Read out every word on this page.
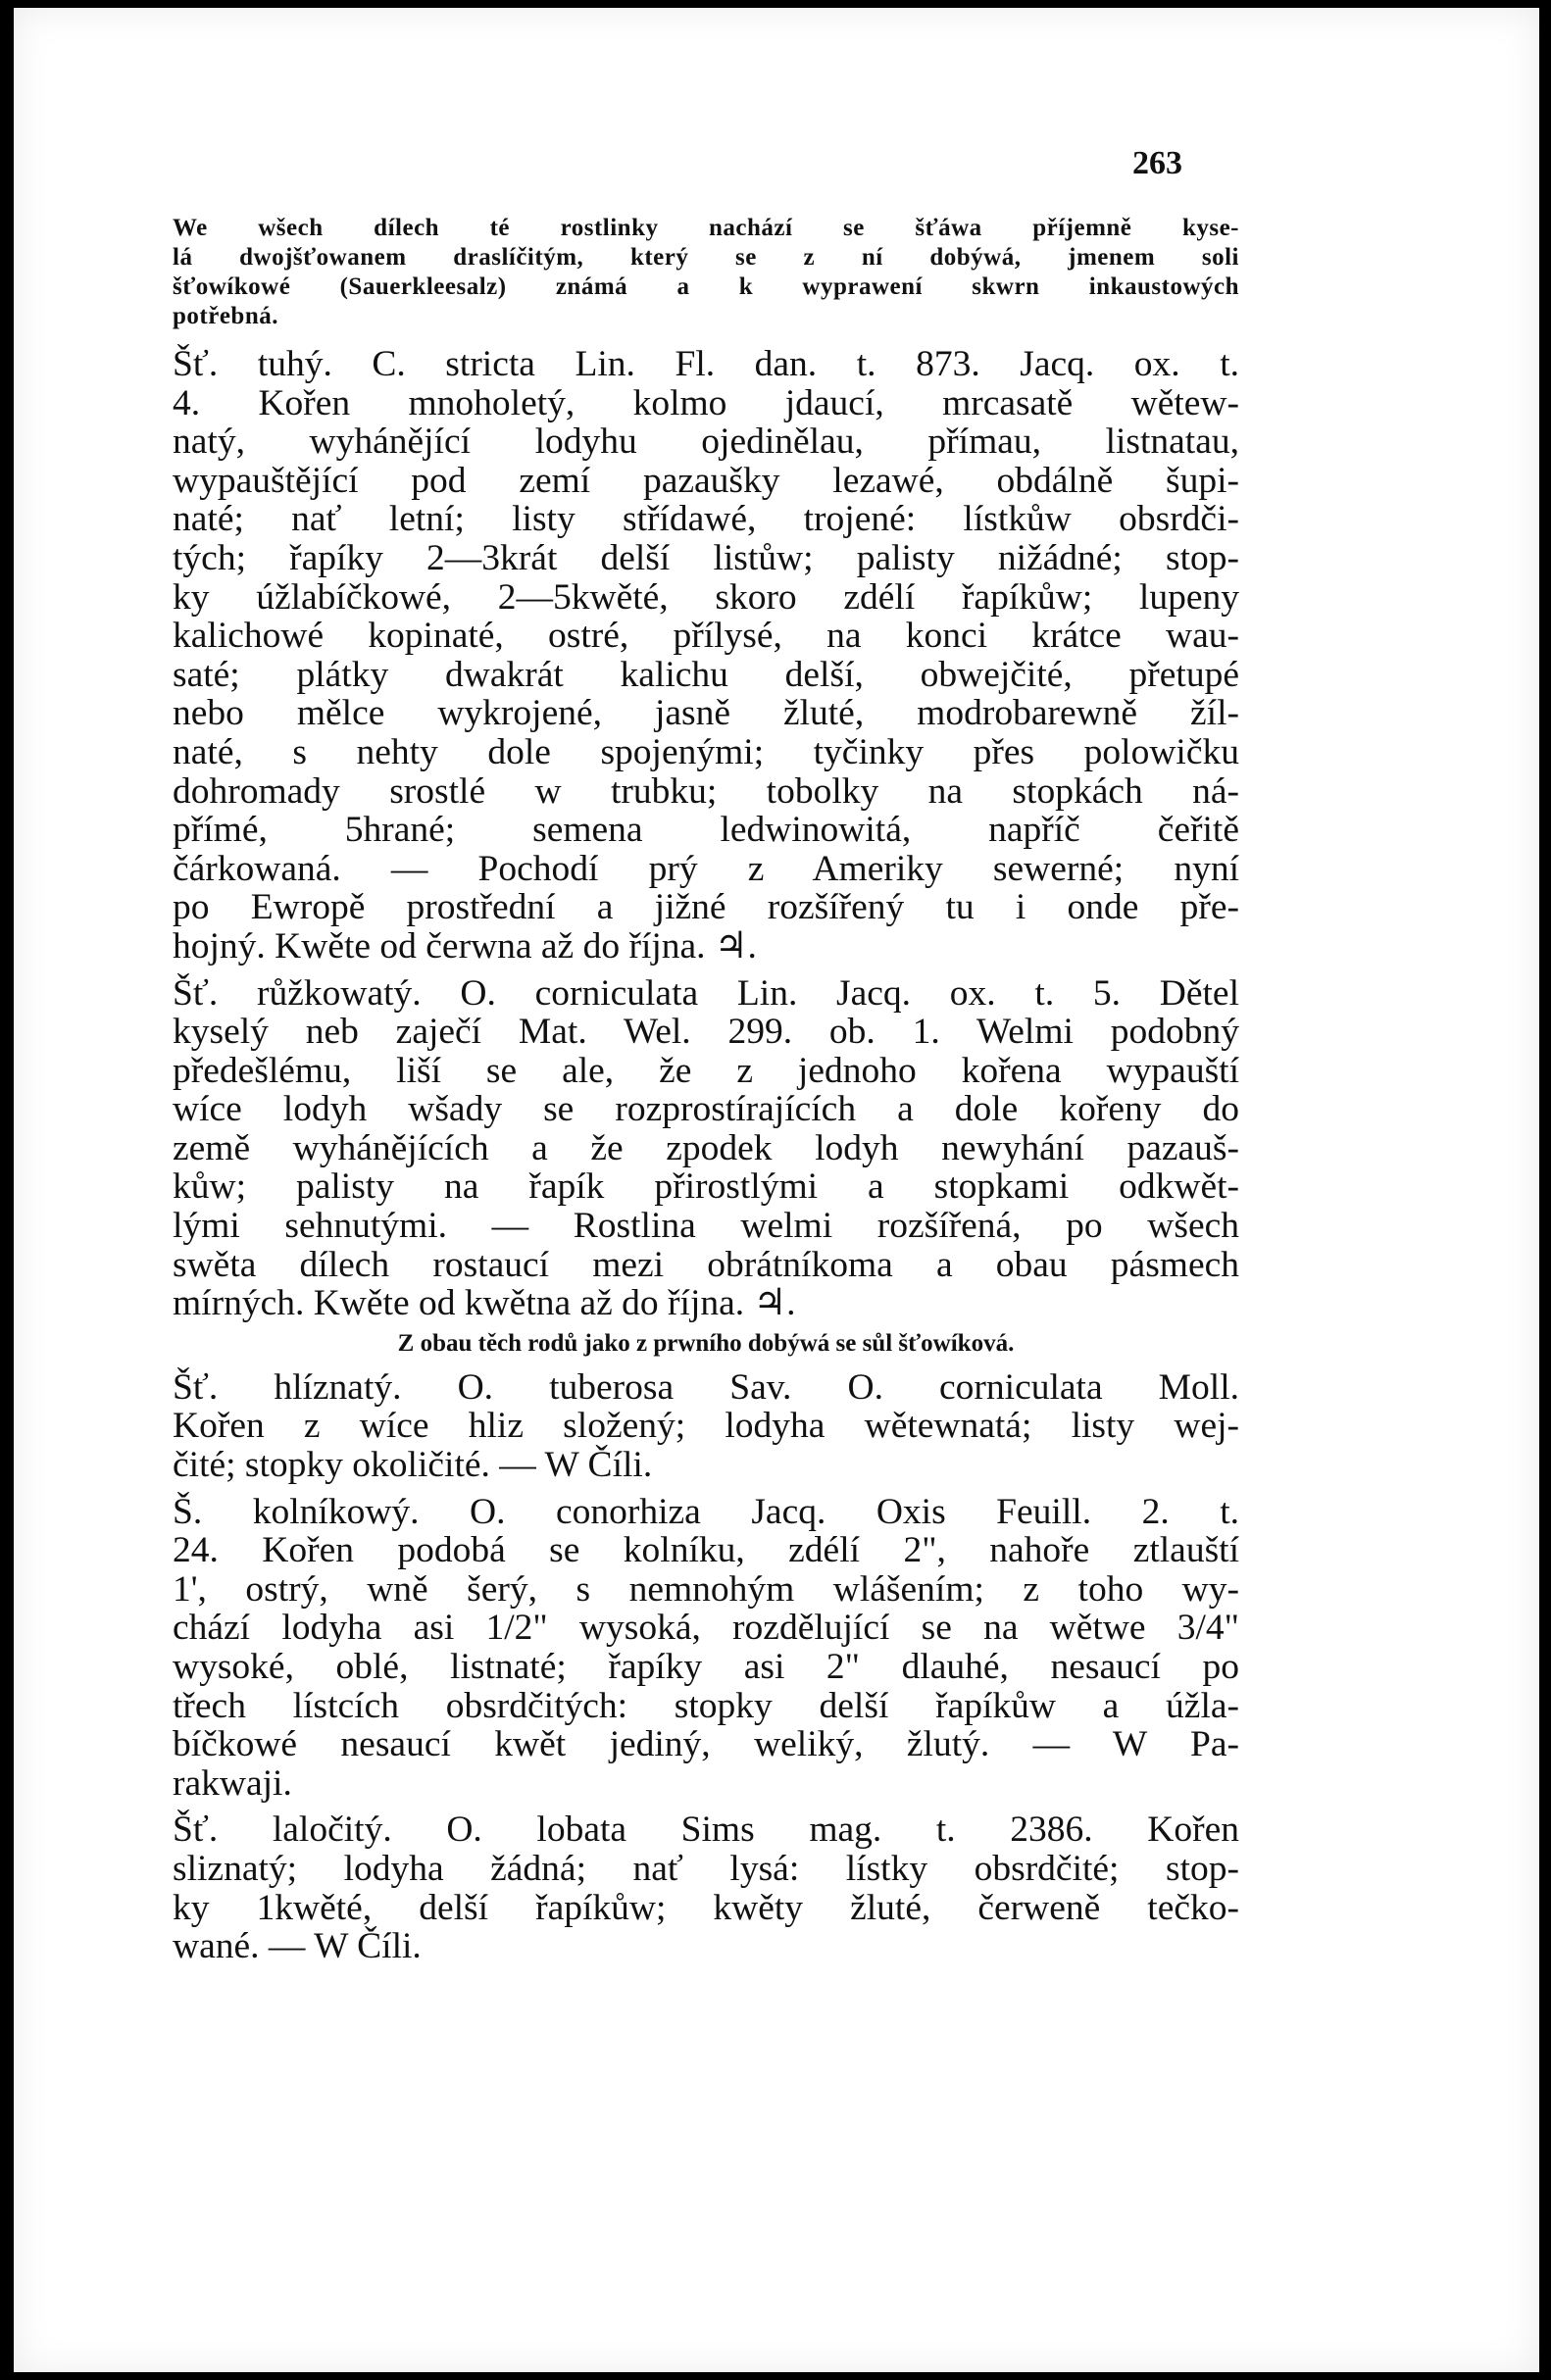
263

We wšech dílech té rostlinky nachází se šťáwa příjemně kyse-
lá dwojšťowanem draslíčitým, který se z ní dobýwá, jmenem soli
šťowíkowé (Sauerkleesalz) známá a k wyprawení skwrn inkaustowých
potřebná.

Šť. tuhý. C. stricta Lin. Fl. dan. t. 873. Jacq. ox. t.
4. Kořen mnoholetý, kolmo jdaucí, mrcasatě wětew-
natý, wyhánějící lodyhu ojedinělau, přímau, listnatau,
wypauštějící pod zemí pazaušky lezawé, obdálně šupi-
naté; nať letní; listy střídawé, trojené: lístkůw obsrdči-
tých; řapíky 2—3krát delší listůw; palisty nižádné; stop-
ky úžlabíčkowé, 2—5kwěté, skoro zdélí řapíkůw; lupeny
kalichowé kopinaté, ostré, přílysé, na konci krátce wau-
saté; plátky dwakrát kalichu delší, obwejčité, přetupé
nebo mělce wykrojené, jasně žluté, modrobarewně žíl-
naté, s nehty dole spojenými; tyčinky přes polowičku
dohromady srostlé w trubku; tobolky na stopkách ná-
přímé, 5hrané; semena ledwinowitá, napříč čeřitě
čárkowaná. — Pochodí prý z Ameriky sewerné; nyní
po Ewropě prostřední a jižné rozšířený tu i onde pře-
hojný. Kwěte od čerwna až do října. ♃.

Šť. růžkowatý. O. corniculata Lin. Jacq. ox. t. 5. Dětel
kyselý neb zaječí Mat. Wel. 299. ob. 1. Welmi podobný
předešlému, liší se ale, že z jednoho kořena wypauští
wíce lodyh wšady se rozprostírajících a dole kořeny do
země wyhánějících a že zpodek lodyh newyhání pazauš-
kůw; palisty na řapík přirostlými a stopkami odkwět-
lými sehnutými. — Rostlina welmi rozšířená, po wšech
swěta dílech rostaucí mezi obrátníkoma a obau pásmech
mírných. Kwěte od kwětna až do října. ♃.

Z obau těch rodů jako z prwního dobýwá se sůl šťowíková.

Šť. hlíznatý. O. tuberosa Sav. O. corniculata Moll.
Kořen z wíce hliz složený; lodyha wětewnatá; listy wej-
čité; stopky okoličité. — W Číli.

Š. kolníkowý. O. conorhiza Jacq. Oxis Feuill. 2. t.
24. Kořen podobá se kolníku, zdélí 2", nahoře ztlauští
1', ostrý, wně šerý, s nemnohým wlášením; z toho wy-
chází lodyha asi 1/2" wysoká, rozdělující se na wětwe 3/4"
wysoké, oblé, listnaté; řapíky asi 2" dlauhé, nesaucí po
třech lístcích obsrdčitých: stopky delší řapíkůw a úžla-
bíčkowé nesaucí kwět jediný, weliký, žlutý. — W Pa-
rakwaji.

Šť. laločitý. O. lobata Sims mag. t. 2386. Kořen
sliznatý; lodyha žádná; nať lysá: lístky obsrdčité; stop-
ky 1kwěté, delší řapíkůw; kwěty žluté, čerweně tečko-
wané. — W Číli.
